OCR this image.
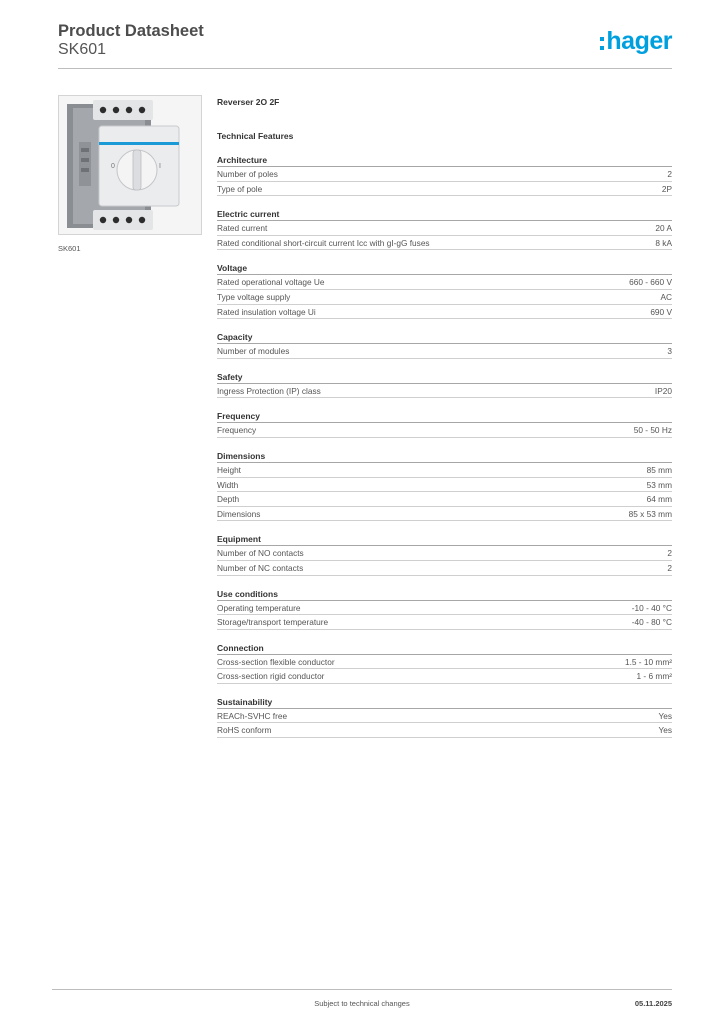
Product Datasheet
SK601	hager
0	I
SK601
Reverser 2O 2F
Technical Features
Architecture
Number of poles	2
Type of pole	2P
Electric current
Rated current	20 A
Rated conditional short-circuit current Icc with gI-gG fuses	8 kA
Voltage
Rated operational voltage Ue	660 - 660 V
Type voltage supply	AC
Rated insulation voltage Ui	690 V
Capacity
Number of modules	3
Safety
Ingress Protection (IP) class	IP20
Frequency
Frequency	50 - 50 Hz
Dimensions
Height	85 mm
Width	53 mm
Depth	64 mm
Dimensions	85 x 53 mm
Equipment
Number of NO contacts	2
Number of NC contacts	2
Use conditions
Operating temperature	-10 - 40 °C
Storage/transport temperature	-40 - 80 °C
Connection
Cross-section flexible conductor	1.5 - 10 mm²
Cross-section rigid conductor	1 - 6 mm²
Sustainability
REACh-SVHC free	Yes
RoHS conform	Yes
Subject to technical changes	05.11.2025
